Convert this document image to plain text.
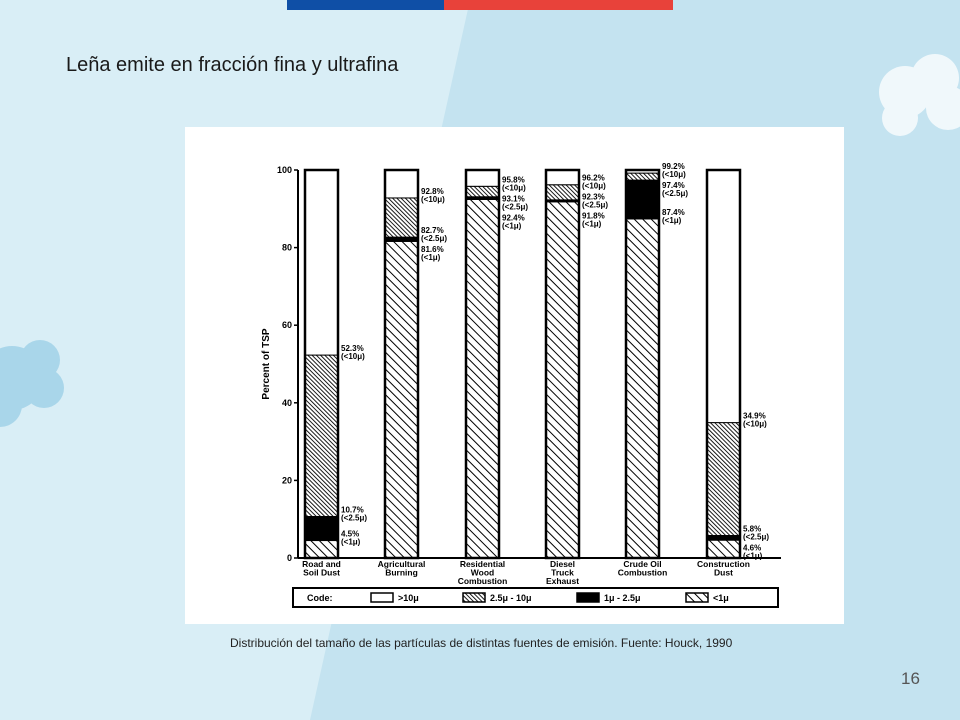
Leña emite en fracción fina y ultrafina
0
20
40
60
80
100
Percent of TSP
Road and
Soil Dust
52.3%
(<10μ)
10.7%
(<2.5μ)
4.5%
(<1μ)
Agricultural
Burning
92.8%
(<10μ)
82.7%
(<2.5μ)
81.6%
(<1μ)
Residential
Wood
Combustion
95.8%
(<10μ)
93.1%
(<2.5μ)
92.4%
(<1μ)
Diesel
Truck
Exhaust
96.2%
(<10μ)
92.3%
(<2.5μ)
91.8%
(<1μ)
Crude Oil
Combustion
99.2%
(<10μ)
97.4%
(<2.5μ)
87.4%
(<1μ)
Construction
Dust
34.9%
(<10μ)
5.8%
(<2.5μ)
4.6%
(<1μ)
Code:	>10μ	2.5μ - 10μ	1μ - 2.5μ	<1μ
Distribución del tamaño de las partículas de distintas fuentes de emisión. Fuente: Houck, 1990
16
